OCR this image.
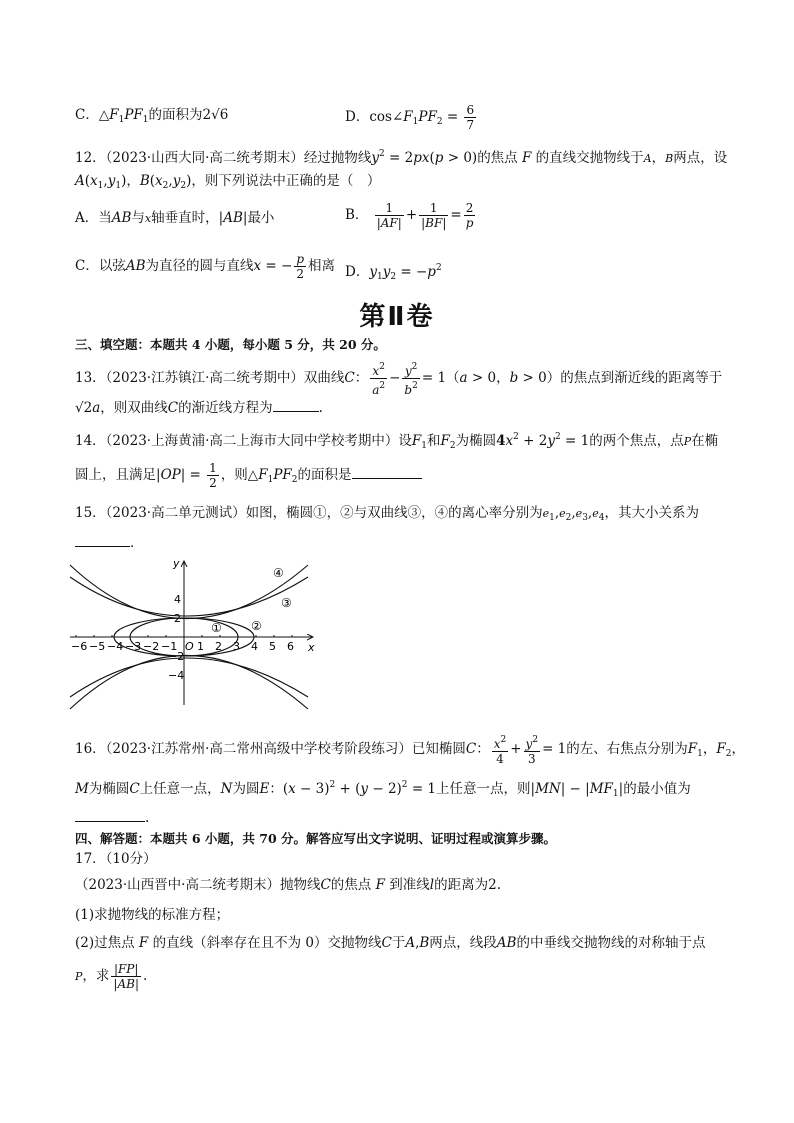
C．$\triangle F_1PF_1$的面积为2√6	D．$\cos\angle F_1PF_2 = \frac{6}{7}$
12．（2023·山西大同·高二统考期末）经过抛物线$y^2 = 2px(p > 0)$的焦点 F 的直线交抛物线于A，B两点，设
$A(x_1,y_1)$，$B(x_2,y_2)$，则下列说法中正确的是（　）
A．当AB与x轴垂直时，|AB|最小	B． $\frac{1}{|AF|} + \frac{1}{|BF|} = \frac{2}{p}$
C．以弦AB为直径的圆与直线x = − $\frac{p}{2}$ 相离 D．$y_1y_2 = -p^2$
第Ⅱ卷
三、填空题：本题共 4 小题，每小题 5 分，共 20 分。
13．（2023·江苏镇江·高二统考期中）双曲线C： $\frac{x^2}{a^2} - \frac{y^2}{b^2} = 1(a > 0$，b > 0）的焦点到渐近线的距离等于
√2a，则双曲线C的渐近线方程为	.
14．（2023·上海黄浦·高二上海市大同中学校考期中）设$F_1$和$F_2$为椭圆$4x^2 + 2y^2 = 1$的两个焦点，点P在椭
圆上，且满足$|OP| = \frac{1}{2}$ ，则$\triangle F_1PF_2$的面积是
15．（2023·高二单元测试）如图，椭圆①，②与双曲线③，④的离心率分别为$e_1,e_2,e_3,e_4$，其大小关系为
．
x
y
−6 −5 −4 −3 −2 −1 O 1 2 3 4 5 6
4
2
−2
−4
① ②
③
④
16．（2023·江苏常州·高二常州高级中学校考阶段练习）已知椭圆C： $\frac{x^2}{4} + \frac{y^2}{3} = 1$的左、右焦点分别为$F_1$，$F_2$，
M为椭圆C上任意一点，N为圆E：$(x - 3)^2 + (y - 2)^2 = 1$上任意一点，则$|MN| - |MF_1|$的最小值为
.
四、解答题：本题共 6 小题，共 70 分。解答应写出文字说明、证明过程或演算步骤。
17．（10分）
（2023·山西晋中·高二统考期末）抛物线C的焦点 F 到准线l的距离为2.
(1)求抛物线的标准方程；
(2)过焦点 F 的直线（斜率存在且不为 0）交抛物线C于A,B两点，线段AB的中垂线交抛物线的对称轴于点
P，求 $\frac{|FP|}{|AB|}$ .
